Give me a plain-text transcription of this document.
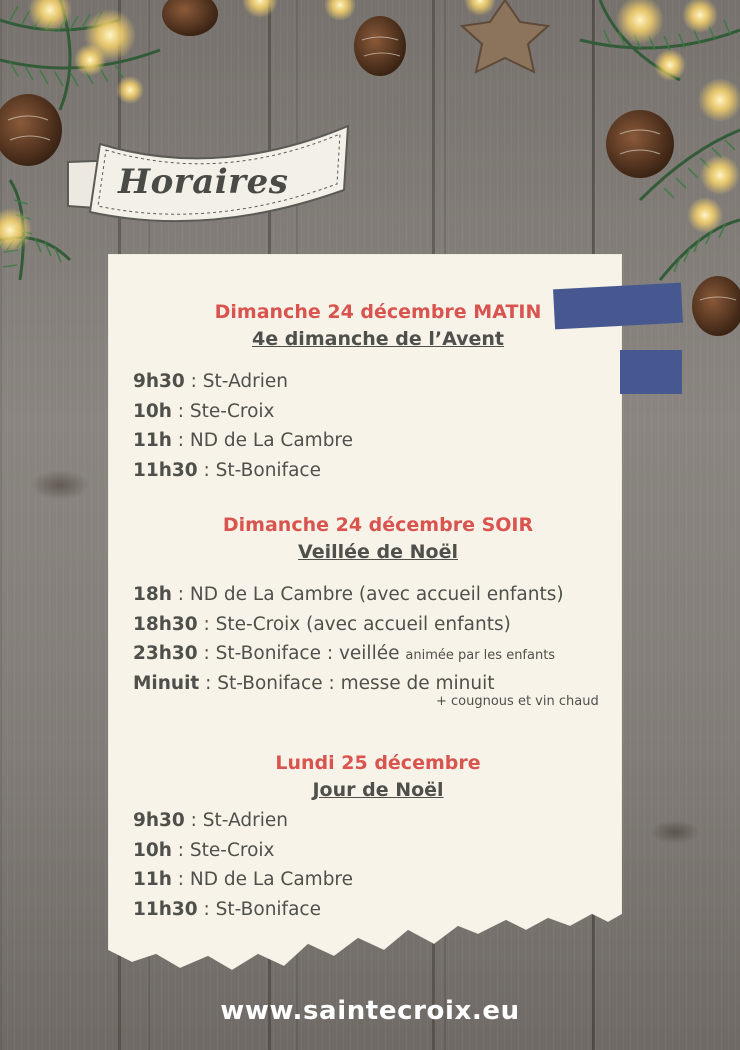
Horaires
Dimanche 24 décembre MATIN
4e dimanche de l’Avent
9h30 : St-Adrien
10h : Ste-Croix
11h : ND de La Cambre
11h30 : St-Boniface
Dimanche 24 décembre SOIR
Veillée de Noël
18h : ND de La Cambre (avec accueil enfants)
18h30 : Ste-Croix (avec accueil enfants)
23h30 : St-Boniface : veillée animée par les enfants
Minuit : St-Boniface : messe de minuit
Lundi 25 décembre
Jour de Noël
9h30 : St-Adrien
10h : Ste-Croix
11h : ND de La Cambre
11h30 : St-Boniface
+ cougnous et vin chaud
www.saintecroix.eu
